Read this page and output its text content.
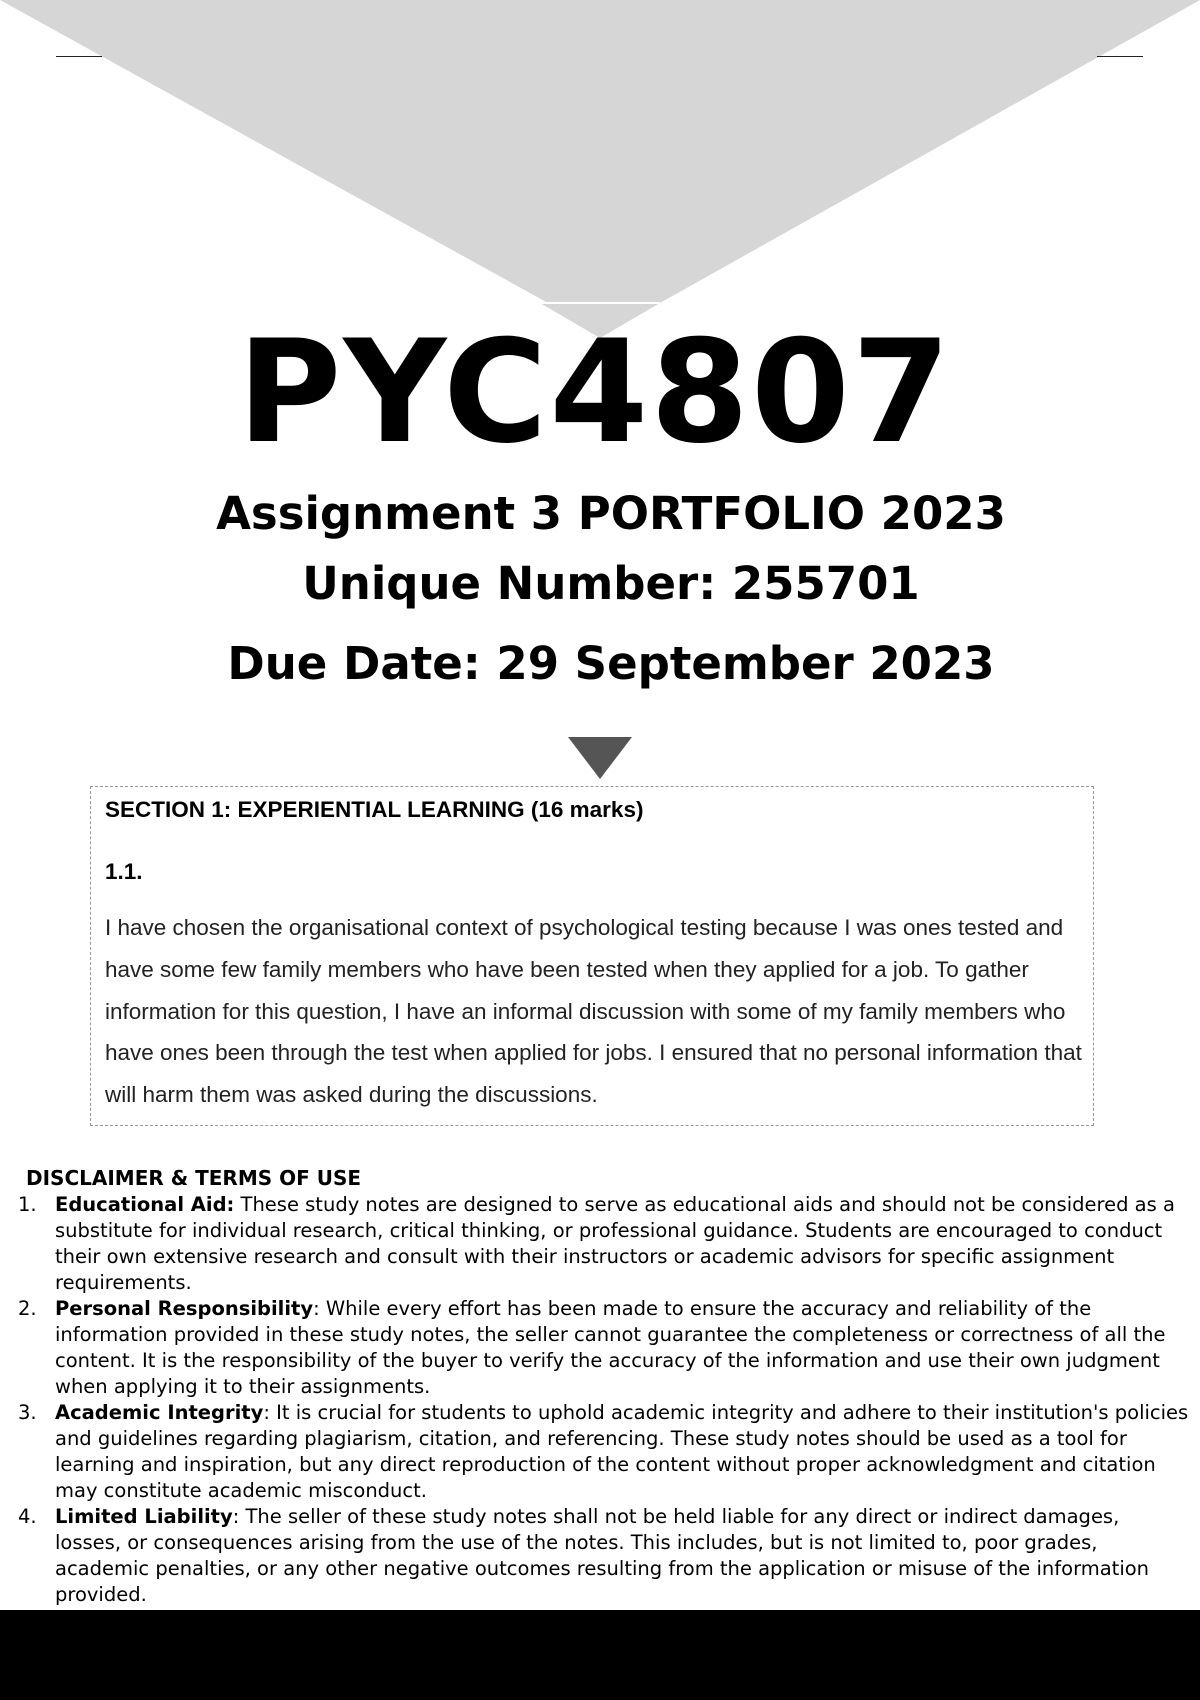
PYC4807
Assignment 3 PORTFOLIO 2023
Unique Number: 255701
Due Date: 29 September 2023
SECTION 1: EXPERIENTIAL LEARNING (16 marks)
1.1.
I have chosen the organisational context of psychological testing because I was ones tested and have some few family members who have been tested when they applied for a job. To gather information for this question, I have an informal discussion with some of my family members who have ones been through the test when applied for jobs. I ensured that no personal information that will harm them was asked during the discussions.
DISCLAIMER & TERMS OF USE
1. Educational Aid: These study notes are designed to serve as educational aids and should not be considered as a substitute for individual research, critical thinking, or professional guidance. Students are encouraged to conduct their own extensive research and consult with their instructors or academic advisors for specific assignment requirements.
2. Personal Responsibility: While every effort has been made to ensure the accuracy and reliability of the information provided in these study notes, the seller cannot guarantee the completeness or correctness of all the content. It is the responsibility of the buyer to verify the accuracy of the information and use their own judgment when applying it to their assignments.
3. Academic Integrity: It is crucial for students to uphold academic integrity and adhere to their institution's policies and guidelines regarding plagiarism, citation, and referencing. These study notes should be used as a tool for learning and inspiration, but any direct reproduction of the content without proper acknowledgment and citation may constitute academic misconduct.
4. Limited Liability: The seller of these study notes shall not be held liable for any direct or indirect damages, losses, or consequences arising from the use of the notes. This includes, but is not limited to, poor grades, academic penalties, or any other negative outcomes resulting from the application or misuse of the information provided.
